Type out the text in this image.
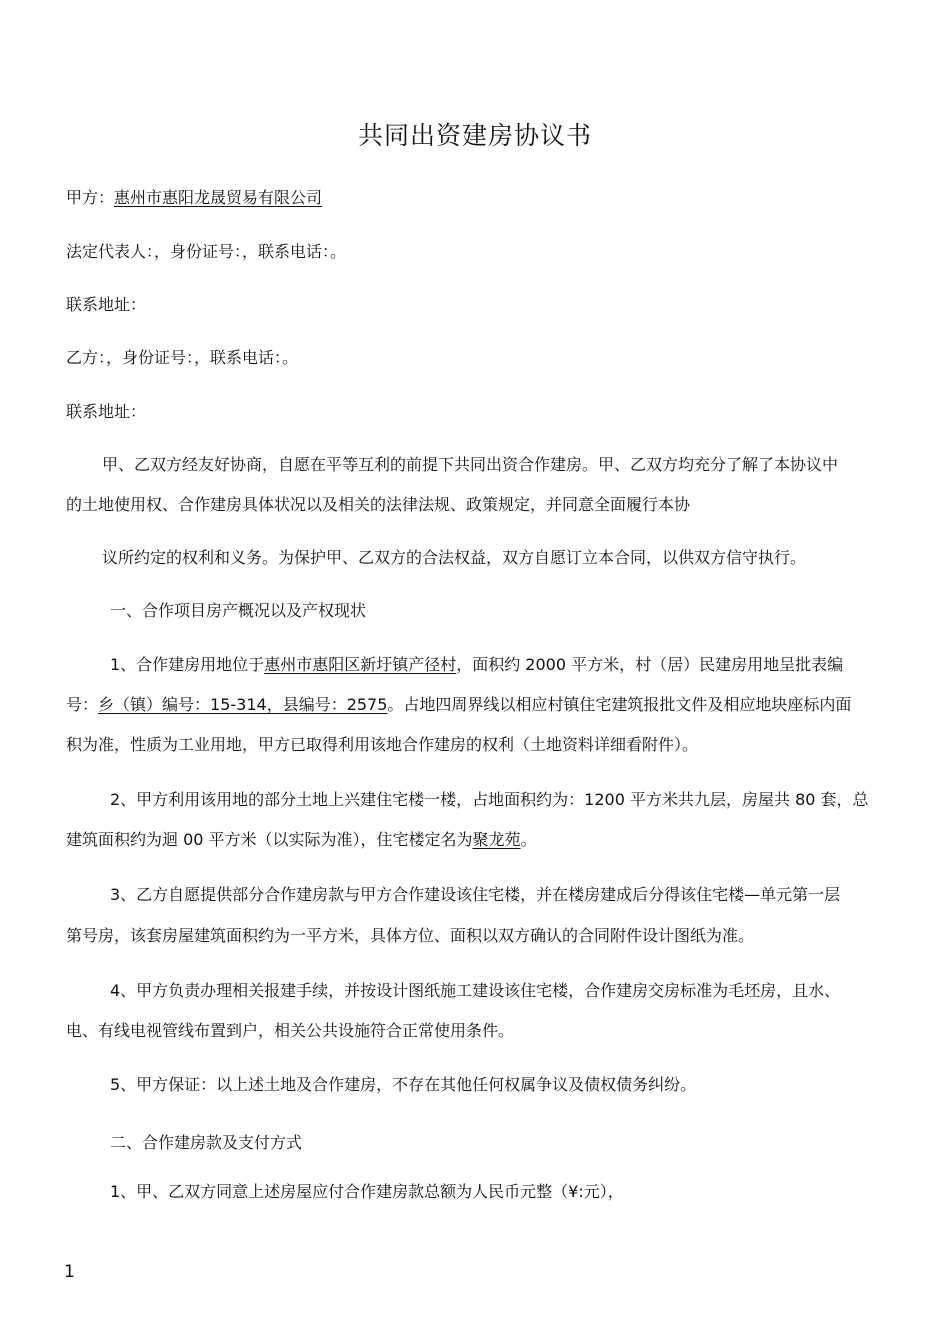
共同出资建房协议书
甲方：惠州市惠阳龙晟贸易有限公司
法定代表人：，身份证号：，联系电话：。
联系地址：
乙方：，身份证号：，联系电话：。
联系地址：
甲、乙双方经友好协商，自愿在平等互利的前提下共同出资合作建房。甲、乙双方均充分了解了本协议中
的土地使用权、合作建房具体状况以及相关的法律法规、政策规定，并同意全面履行本协
议所约定的权利和义务。为保护甲、乙双方的合法权益，双方自愿订立本合同，以供双方信守执行。
一、合作项目房产概况以及产权现状
1、合作建房用地位于惠州市惠阳区新圩镇产径村，面积约 2000 平方米，村（居）民建房用地呈批表编
号：乡（镇）编号：15-314，县编号：2575。占地四周界线以相应村镇住宅建筑报批文件及相应地块座标内面
积为准，性质为工业用地，甲方已取得利用该地合作建房的权利（土地资料详细看附件）。
2、甲方利用该用地的部分土地上兴建住宅楼一楼，占地面积约为：1200 平方米共九层，房屋共 80 套，总
建筑面积约为迴 00 平方米（以实际为准），住宅楼定名为聚龙苑。
3、乙方自愿提供部分合作建房款与甲方合作建设该住宅楼，并在楼房建成后分得该住宅楼—单元第一层
第号房，该套房屋建筑面积约为一平方米，具体方位、面积以双方确认的合同附件设计图纸为准。
4、甲方负责办理相关报建手续，并按设计图纸施工建设该住宅楼，合作建房交房标准为毛坯房，且水、
电、有线电视管线布置到户，相关公共设施符合正常使用条件。
5、甲方保证：以上述土地及合作建房，不存在其他任何权属争议及债权债务纠纷。
二、合作建房款及支付方式
1、甲、乙双方同意上述房屋应付合作建房款总额为人民币元整（¥:元），
1
